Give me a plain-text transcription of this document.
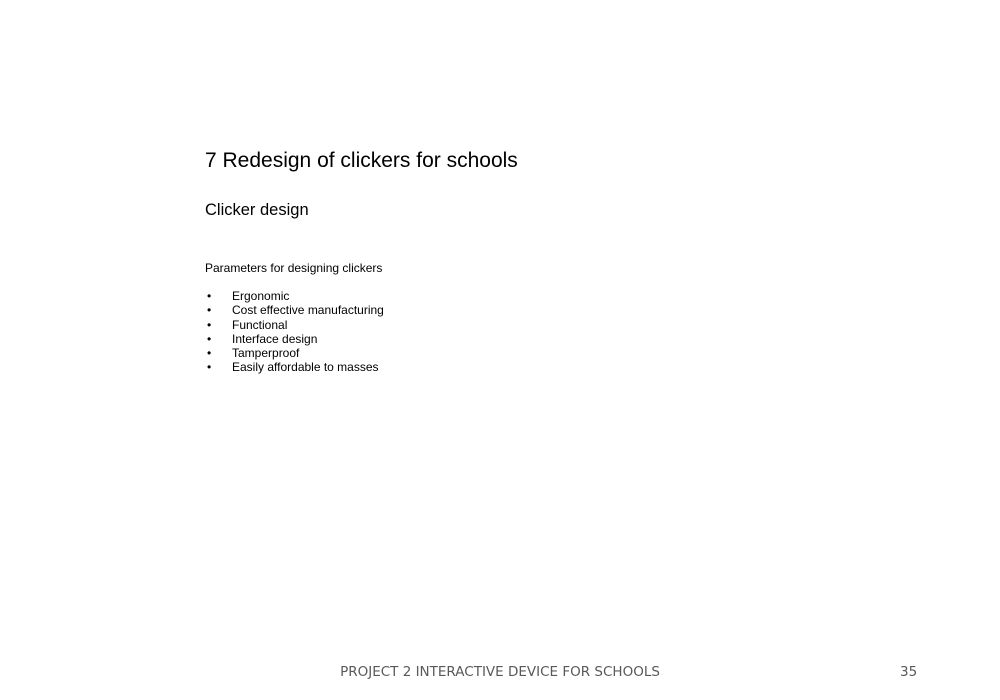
7 Redesign of clickers for schools
Clicker design
Parameters for designing clickers
• Ergonomic
• Cost effective manufacturing
• Functional
• Interface design
• Tamperproof
• Easily affordable to masses
PROJECT 2 INTERACTIVE DEVICE FOR SCHOOLS	35
